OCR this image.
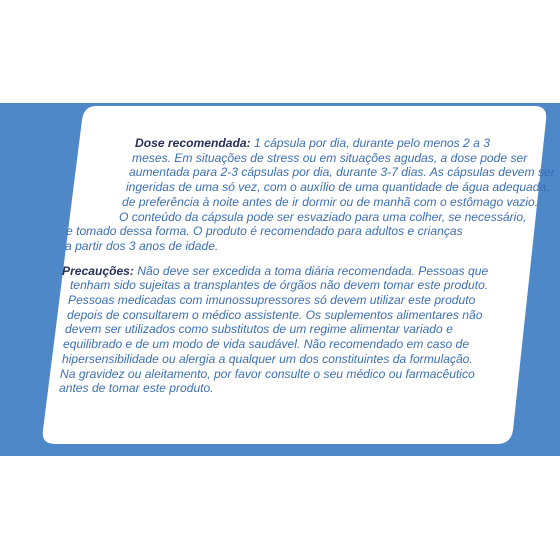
Dose recomendada: 1 cápsula por dia, durante pelo menos 2 a 3
meses. Em situações de stress ou em situações agudas, a dose pode ser
aumentada para 2-3 cápsulas por dia, durante 3-7 dias. As cápsulas devem ser
ingeridas de uma só vez, com o auxílio de uma quantidade de água adequada,
de preferência à noite antes de ir dormir ou de manhã com o estômago vazio.
O conteúdo da cápsula pode ser esvaziado para uma colher, se necessário,
e tomado dessa forma. O produto é recomendado para adultos e crianças
a partir dos 3 anos de idade.
Precauções: Não deve ser excedida a toma diária recomendada. Pessoas que
tenham sido sujeitas a transplantes de órgãos não devem tomar este produto.
Pessoas medicadas com imunossupressores só devem utilizar este produto
depois de consultarem o médico assistente. Os suplementos alimentares não
devem ser utilizados como substitutos de um regime alimentar variado e
equilibrado e de um modo de vida saudável. Não recomendado em caso de
hipersensibilidade ou alergia a qualquer um dos constituintes da formulação.
Na gravidez ou aleitamento, por favor consulte o seu médico ou farmacêutico
antes de tomar este produto.
